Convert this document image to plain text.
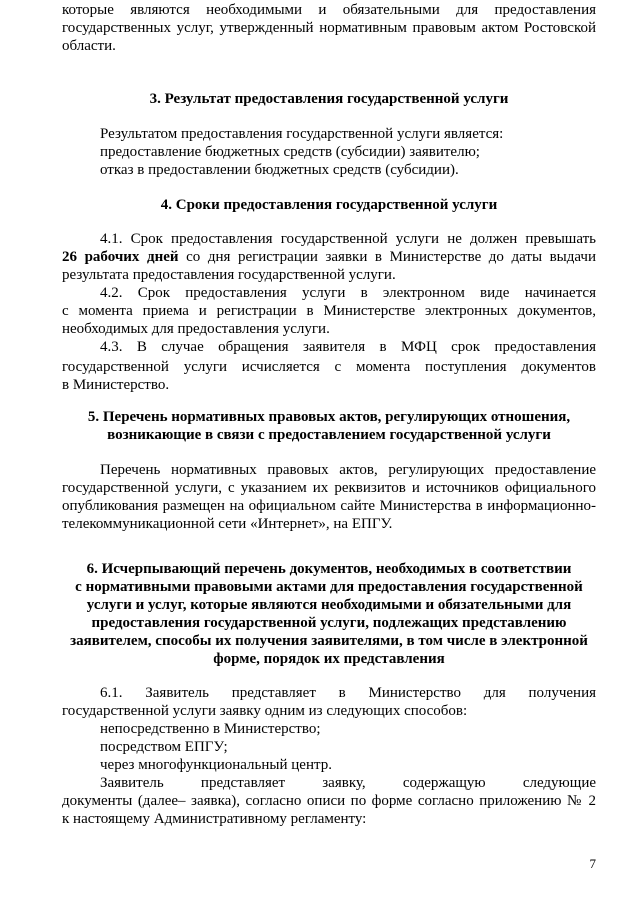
которые являются необходимыми и обязательными для предоставления
государственных услуг, утвержденный нормативным правовым актом Ростовской
области.
3. Результат предоставления государственной услуги
Результатом предоставления государственной услуги является:
предоставление бюджетных средств (субсидии) заявителю;
отказ в предоставлении бюджетных средств (субсидии).
4. Сроки предоставления государственной услуги
4.1. Срок предоставления государственной услуги не должен превышать
26 рабочих дней со дня регистрации заявки в Министерстве до даты выдачи
результата предоставления государственной услуги.
4.2. Срок предоставления услуги в электронном виде начинается
с момента приема и регистрации в Министерстве электронных документов,
необходимых для предоставления услуги.
4.3. В случае обращения заявителя в МФЦ срок предоставления
государственной услуги исчисляется с момента поступления документов
в Министерство.
5. Перечень нормативных правовых актов, регулирующих отношения,
возникающие в связи с предоставлением государственной услуги
Перечень нормативных правовых актов, регулирующих предоставление
государственной услуги, с указанием их реквизитов и источников официального
опубликования размещен на официальном сайте Министерства в информационно-
телекоммуникационной сети «Интернет», на ЕПГУ.
6. Исчерпывающий перечень документов, необходимых в соответствии
с нормативными правовыми актами для предоставления государственной
услуги и услуг, которые являются необходимыми и обязательными для
предоставления государственной услуги, подлежащих представлению
заявителем, способы их получения заявителями, в том числе в электронной
форме, порядок их представления
6.1. Заявитель представляет в Министерство для получения
государственной услуги заявку одним из следующих способов:
непосредственно в Министерство;
посредством ЕПГУ;
через многофункциональный центр.
Заявитель представляет заявку, содержащую следующие
документы (далее– заявка), согласно описи по форме согласно приложению № 2
к настоящему Административному регламенту:
7
